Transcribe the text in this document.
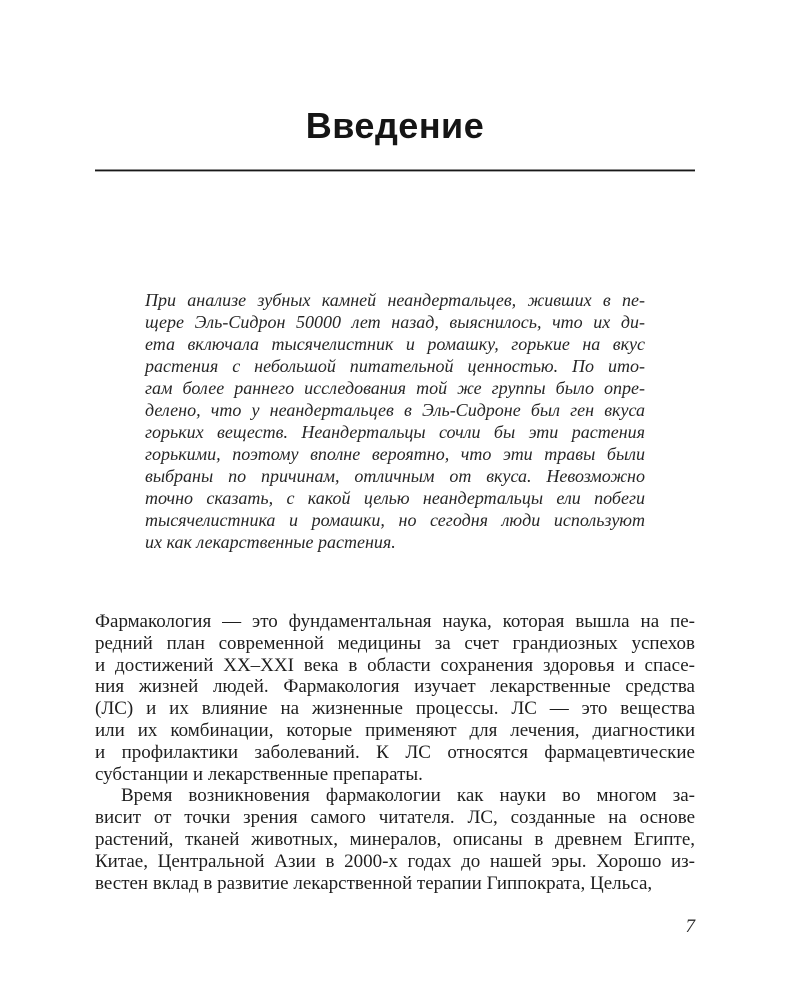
Введение
При анализе зубных камней неандертальцев, живших в пе-
щере Эль-Сидрон 50000 лет назад, выяснилось, что их ди-
ета включала тысячелистник и ромашку, горькие на вкус
растения с небольшой питательной ценностью. По ито-
гам более раннего исследования той же группы было опре-
делено, что у неандертальцев в Эль-Сидроне был ген вкуса
горьких веществ. Неандертальцы сочли бы эти растения
горькими, поэтому вполне вероятно, что эти травы были
выбраны по причинам, отличным от вкуса. Невозможно
точно сказать, с какой целью неандертальцы ели побеги
тысячелистника и ромашки, но сегодня люди используют
их как лекарственные растения.
Фармакология — это фундаментальная наука, которая вышла на пе-
редний план современной медицины за счет грандиозных успехов
и достижений XX–XXI века в области сохранения здоровья и спасе-
ния жизней людей. Фармакология изучает лекарственные средства
(ЛС) и их влияние на жизненные процессы. ЛС — это вещества
или их комбинации, которые применяют для лечения, диагностики
и профилактики заболеваний. К ЛС относятся фармацевтические
субстанции и лекарственные препараты.
Время возникновения фармакологии как науки во многом за-
висит от точки зрения самого читателя. ЛС, созданные на основе
растений, тканей животных, минералов, описаны в древнем Египте,
Китае, Центральной Азии в 2000-х годах до нашей эры. Хорошо из-
вестен вклад в развитие лекарственной терапии Гиппократа, Цельса,
7
